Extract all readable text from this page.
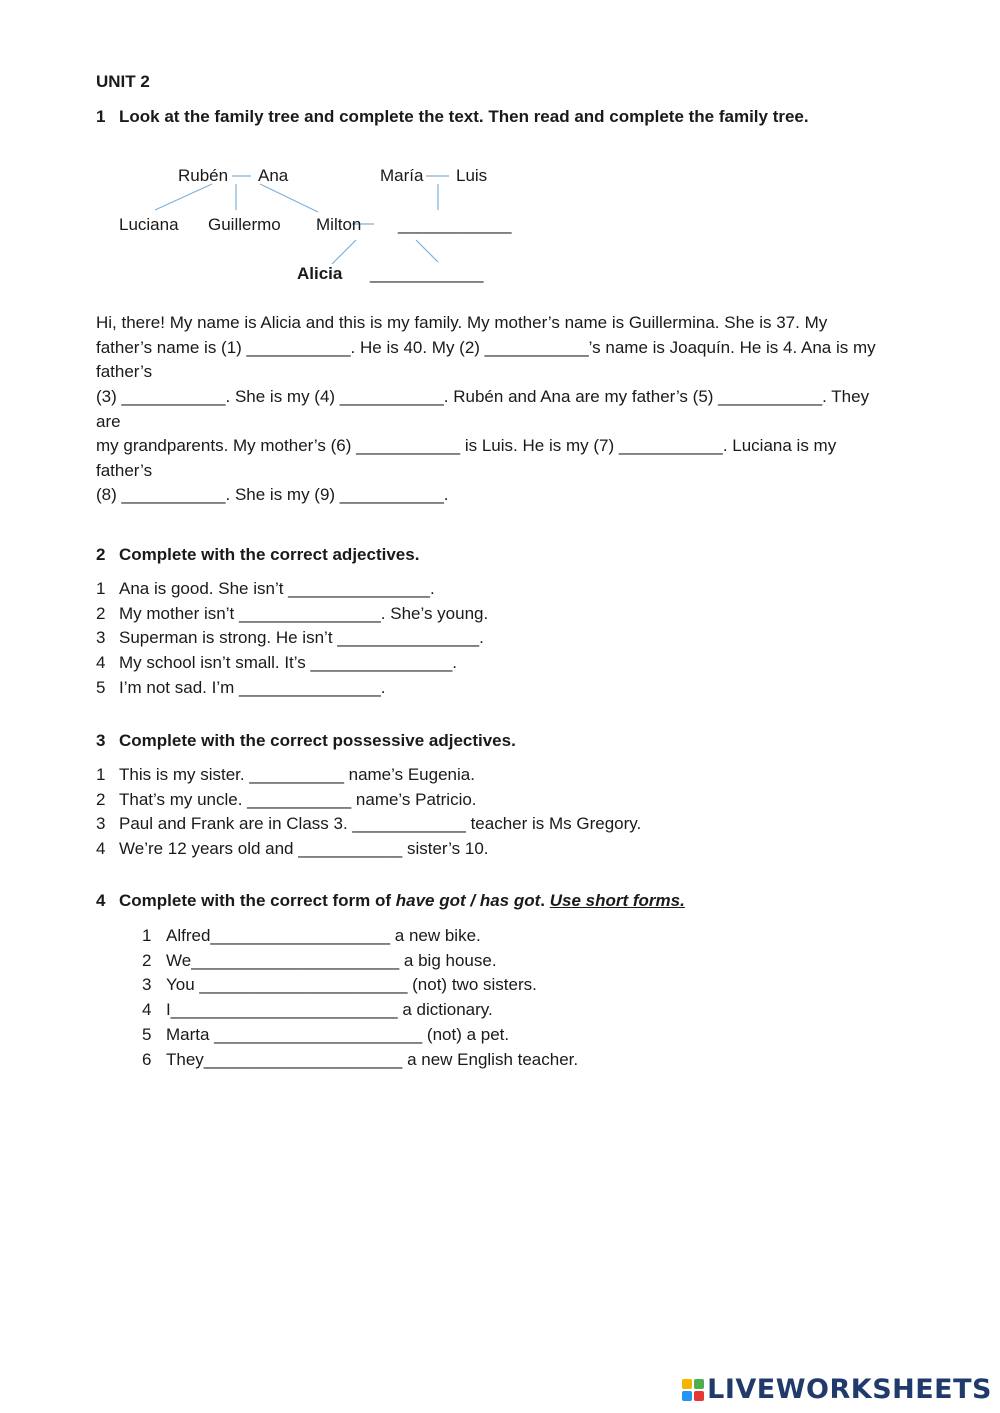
UNIT 2
1 Look at the family tree and complete the text. Then read and complete the family tree.
Rubén Ana	María Luis
Luciana Guillermo Milton ____________
Alicia ____________
Hi, there! My name is Alicia and this is my family. My mother’s name is Guillermina. She is 37. My
father’s name is (1) ___________. He is 40. My (2) ___________’s name is Joaquín. He is 4. Ana is my
father’s
(3) ___________. She is my (4) ___________. Rubén and Ana are my father’s (5) ___________. They
are
my grandparents. My mother’s (6) ___________ is Luis. He is my (7) ___________. Luciana is my
father’s
(8) ___________. She is my (9) ___________.
2 Complete with the correct adjectives.
1 Ana is good. She isn’t _______________.
2 My mother isn’t _______________. She’s young.
3 Superman is strong. He isn’t _______________.
4 My school isn’t small. It’s _______________.
5 I’m not sad. I’m _______________.
3 Complete with the correct possessive adjectives.
1 This is my sister. __________ name’s Eugenia.
2 That’s my uncle. ___________ name’s Patricio.
3 Paul and Frank are in Class 3. ____________ teacher is Ms Gregory.
4 We’re 12 years old and ___________ sister’s 10.
4 Complete with the correct form of have got / has got. Use short forms.
1 Alfred___________________ a new bike.
2 We______________________ a big house.
3 You ______________________ (not) two sisters.
4 I________________________ a dictionary.
5 Marta ______________________ (not) a pet.
6 They_____________________ a new English teacher.
LIVEWORKSHEETS
